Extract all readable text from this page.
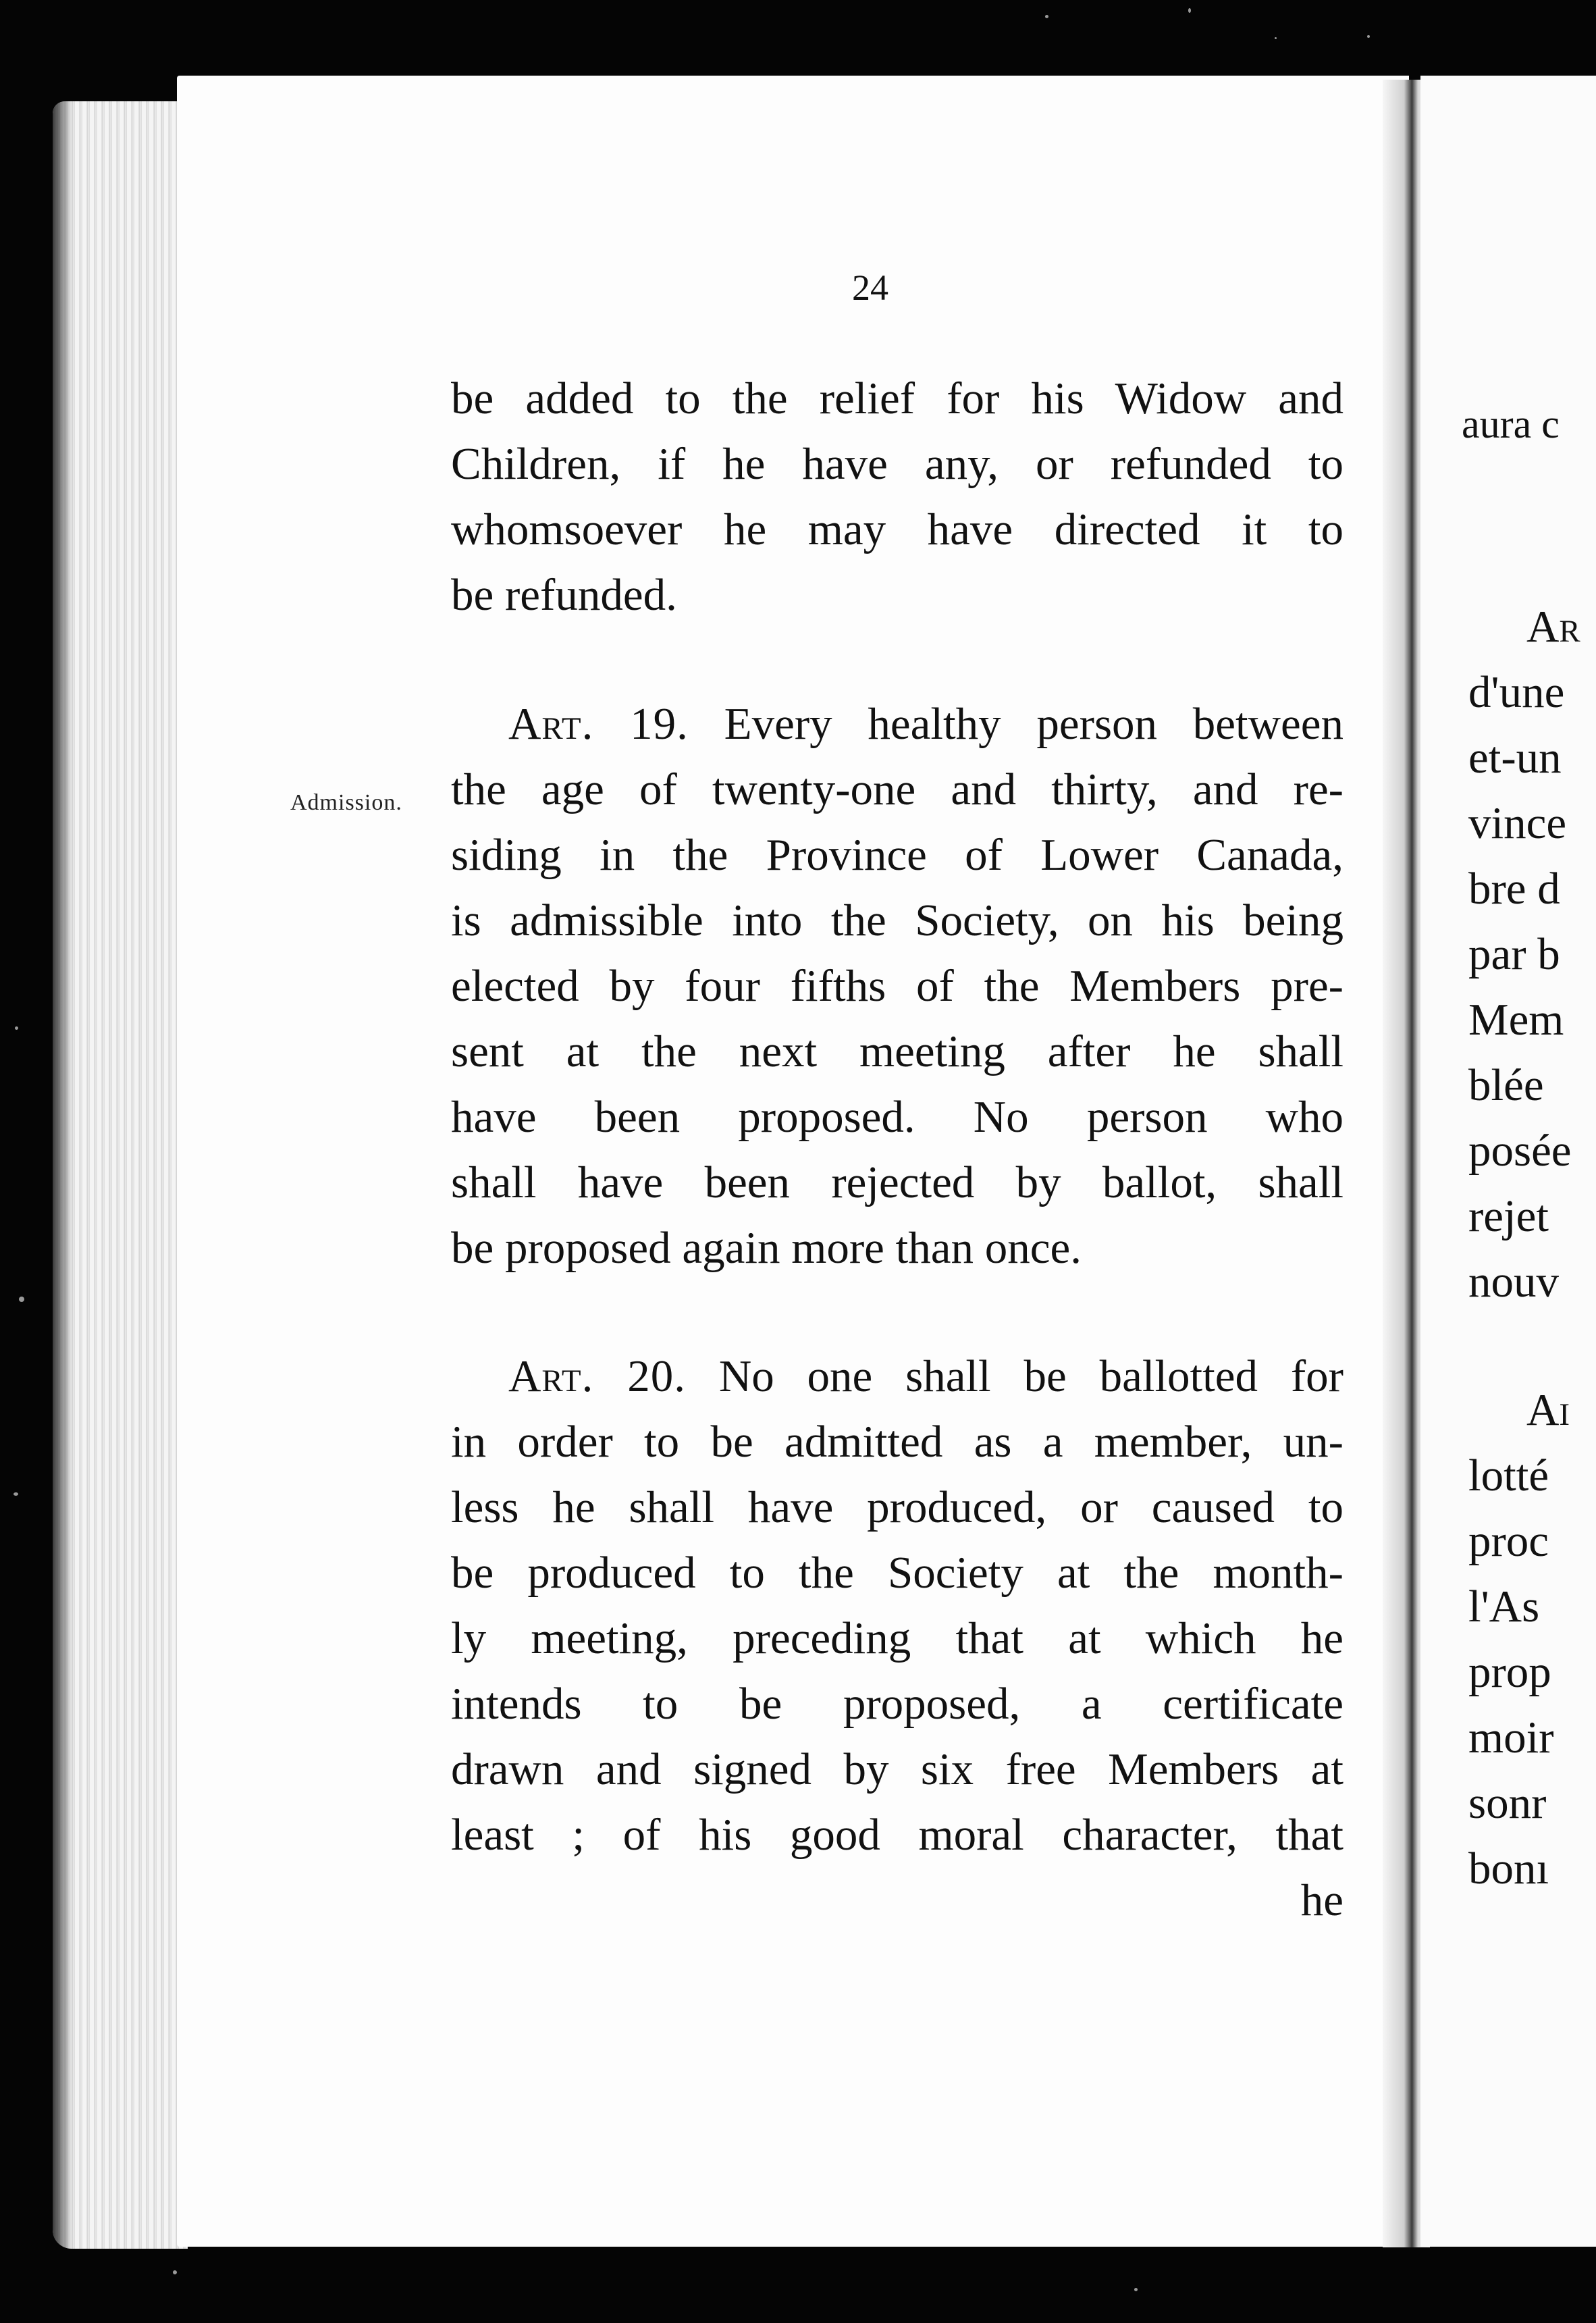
24
be added to the relief for his Widow and
Children, if he have any, or refunded to
whomsoever he may have directed it to
be refunded.
Admission.
Art. 19. Every healthy person between
the age of twenty-one and thirty, and re-
siding in the Province of Lower Canada,
is admissible into the Society, on his being
elected by four fifths of the Members pre-
sent at the next meeting after he shall
have been proposed. No person who
shall have been rejected by ballot, shall
be proposed again more than once.
Art. 20. No one shall be ballotted for
in order to be admitted as a member, un-
less he shall have produced, or caused to
be produced to the Society at the month-
ly meeting, preceding that at which he
intends to be proposed, a certificate
drawn and signed by six free Members at
least ; of his good moral character, that
he
aura c
Ar
d'une
et-un
vince
bre d
par b
Mem
blée
posée
rejet
nouv
Aı
lotté
proc
l'As
prop
moir
sonr
bonı
